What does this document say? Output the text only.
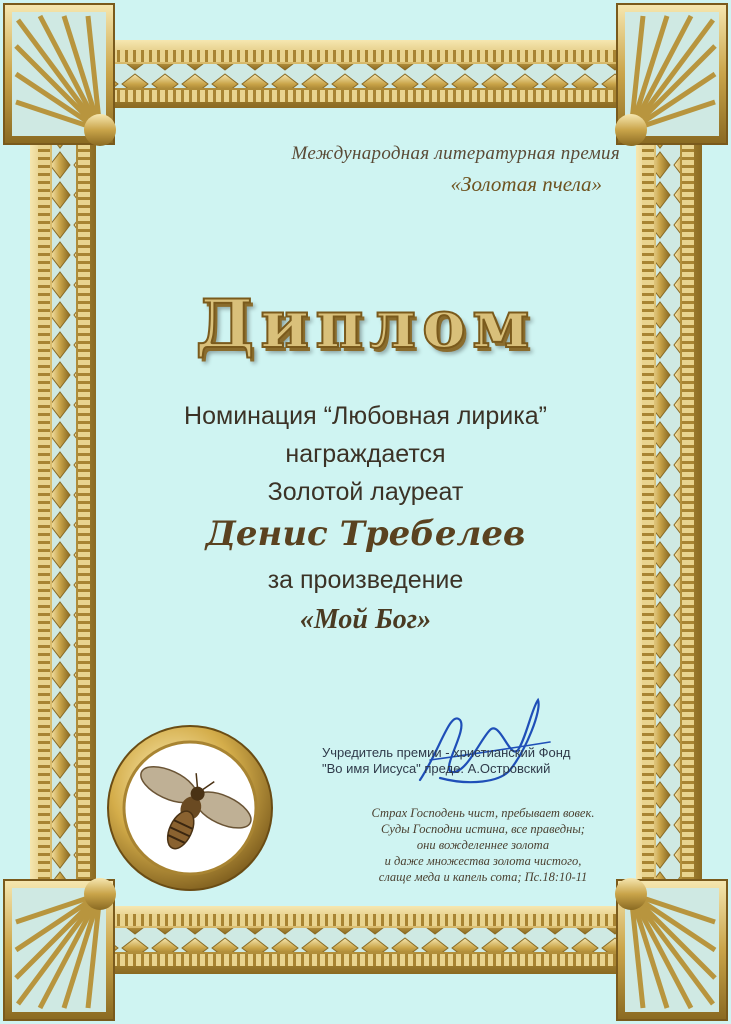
Международная литературная премия

«Золотая пчела»

Диплом

Номинация “Любовная лирика”

награждается

Золотой лауреат

Денис Требелев

за произведение

«Мой Бог»

Учредитель премии - христианский Фонд
"Во имя Иисуса" преде. А.Островский
Страх Господень чист, пребывает вовек.
Суды Господни истина, все праведны;
они вожделеннее золота
и даже множества золота чистого,
слаще меда и капель сота; Пс.18:10-11
